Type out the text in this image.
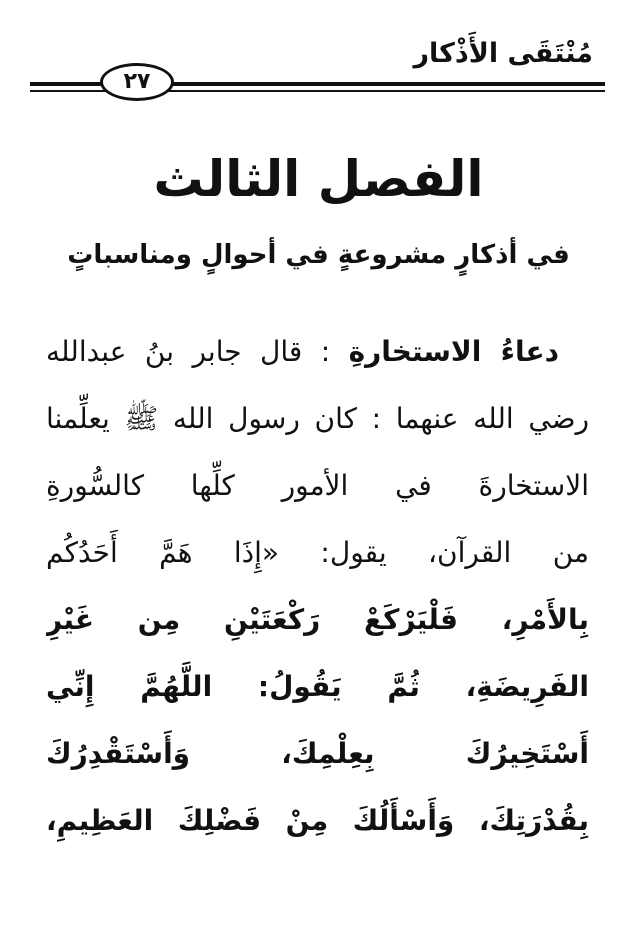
مُنْتَقَى الأَذْكار
٢٧
الفصل الثالث
في أذكارٍ مشروعةٍ في أحوالٍ ومناسباتٍ
دعاءُ الاستخارةِ : قال جابر بنُ عبدالله
رضي الله عنهما : كان رسول الله ﷺ يعلِّمنا
الاستخارةَ في الأمور كلِّها كالسُّورةِ
من القرآن، يقول: «إِذَا هَمَّ أَحَدُكُم
بِالأَمْرِ، فَلْيَرْكَعْ رَكْعَتَيْنِ مِن غَيْرِ
الفَرِيضَةِ، ثُمَّ يَقُولُ: اللَّهُمَّ إِنِّي
أَسْتَخِيرُكَ بِعِلْمِكَ، وَأَسْتَقْدِرُكَ
بِقُدْرَتِكَ، وَأَسْأَلُكَ مِنْ فَضْلِكَ العَظِيمِ،
